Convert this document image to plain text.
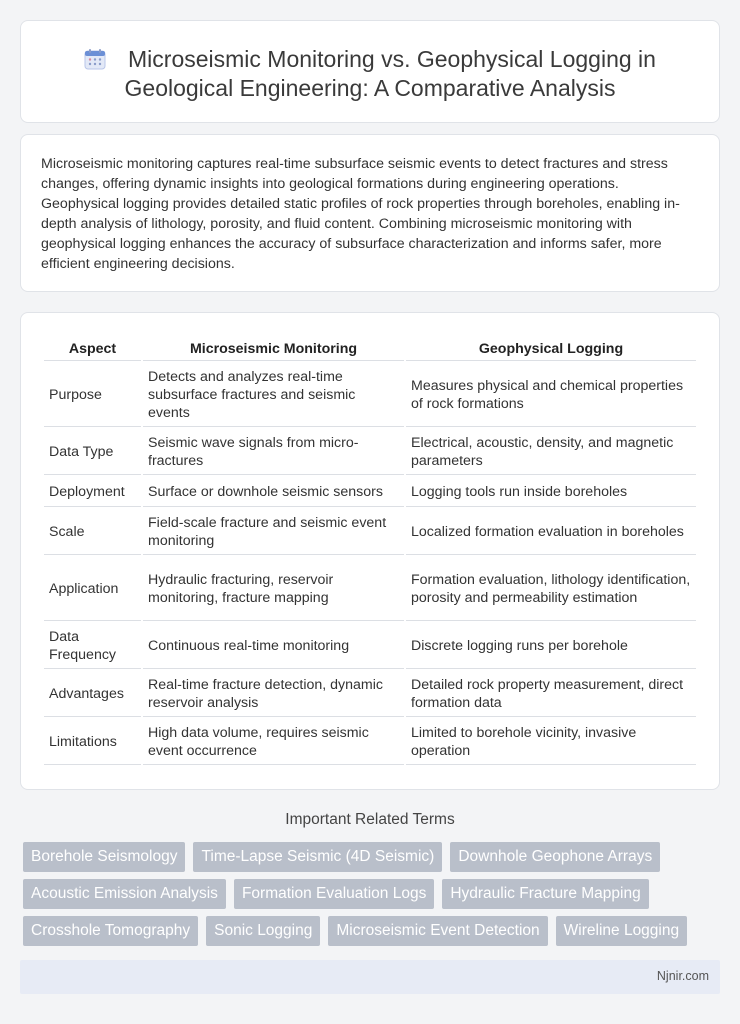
Microseismic Monitoring vs. Geophysical Logging in Geological Engineering: A Comparative Analysis

Microseismic monitoring captures real-time subsurface seismic events to detect fractures and stress changes, offering dynamic insights into geological formations during engineering operations. Geophysical logging provides detailed static profiles of rock properties through boreholes, enabling in-depth analysis of lithology, porosity, and fluid content. Combining microseismic monitoring with geophysical logging enhances the accuracy of subsurface characterization and informs safer, more efficient engineering decisions.

Aspect	Microseismic Monitoring	Geophysical Logging
Purpose	Detects and analyzes real-time subsurface fractures and seismic events	Measures physical and chemical properties of rock formations
Data Type	Seismic wave signals from micro-fractures	Electrical, acoustic, density, and magnetic parameters
Deployment	Surface or downhole seismic sensors	Logging tools run inside boreholes
Scale	Field-scale fracture and seismic event monitoring	Localized formation evaluation in boreholes
Application	Hydraulic fracturing, reservoir monitoring, fracture mapping	Formation evaluation, lithology identification, porosity and permeability estimation
Data Frequency	Continuous real-time monitoring	Discrete logging runs per borehole
Advantages	Real-time fracture detection, dynamic reservoir analysis	Detailed rock property measurement, direct formation data
Limitations	High data volume, requires seismic event occurrence	Limited to borehole vicinity, invasive operation
Important Related Terms
Borehole Seismology	Time-Lapse Seismic (4D Seismic)	Downhole Geophone Arrays
Acoustic Emission Analysis	Formation Evaluation Logs	Hydraulic Fracture Mapping
Crosshole Tomography	Sonic Logging	Microseismic Event Detection	Wireline Logging
Njnir.com
